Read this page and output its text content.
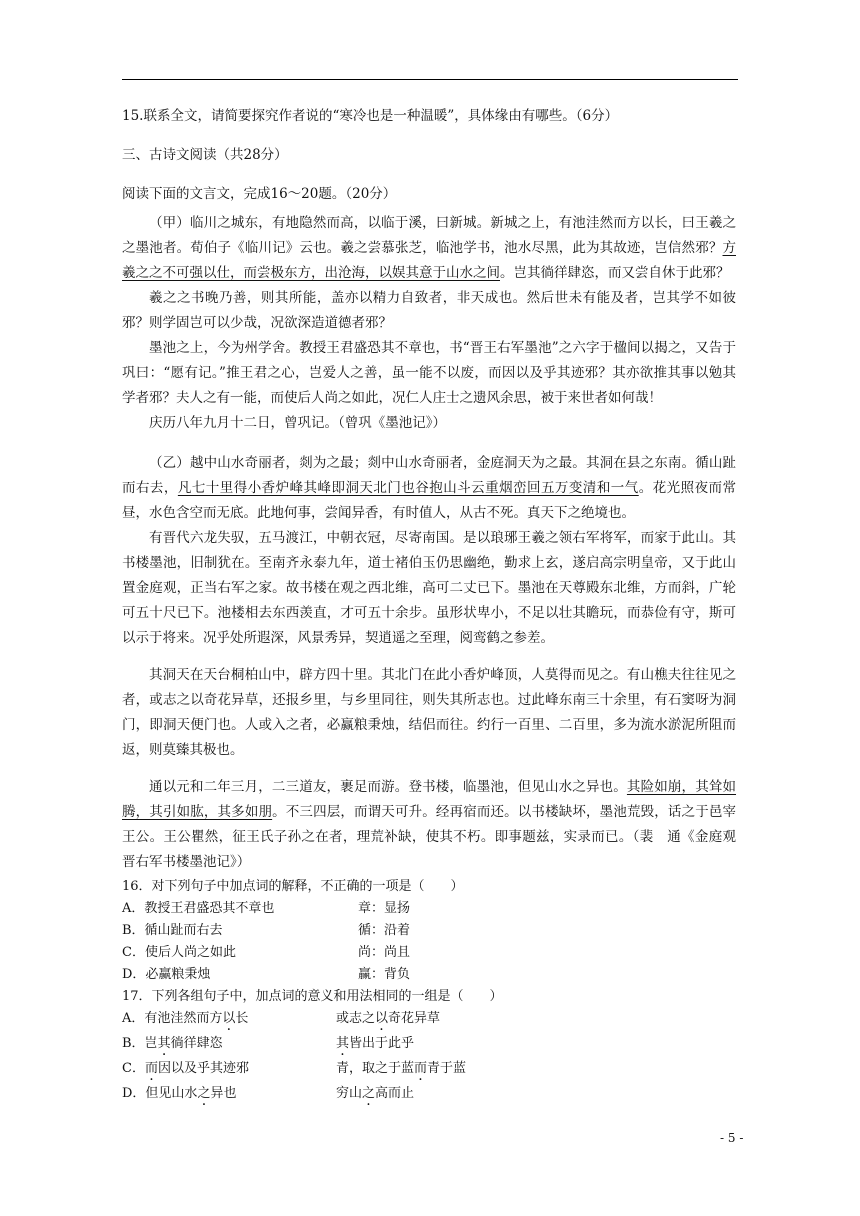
15.联系全文，请简要探究作者说的“寒冷也是一种温暖”，具体缘由有哪些。（6分）
三、古诗文阅读（共28分）
阅读下面的文言文，完成16～20题。（20分）

（甲）临川之城东，有地隐然而高，以临于溪，曰新城。新城之上，有池洼然而方以长，曰王羲之之墨池者。荀伯子《临川记》云也。羲之尝慕张芝，临池学书，池水尽黑，此为其故迹，岂信然邪？方羲之之不可强以仕，而尝极东方，出沧海，以娱其意于山水之间。岂其徜徉肆恣，而又尝自休于此邪？

羲之之书晚乃善，则其所能，盖亦以精力自致者，非天成也。然后世未有能及者，岂其学不如彼邪？则学固岂可以少哉，况欲深造道德者邪？

墨池之上，今为州学舍。教授王君盛恐其不章也，书“晋王右军墨池”之六字于楹间以揭之，又告于巩曰：“愿有记。”推王君之心，岂爱人之善，虽一能不以废，而因以及乎其迹邪？其亦欲推其事以勉其学者邪？夫人之有一能，而使后人尚之如此，况仁人庄士之遗风余思，被于来世者如何哉！

庆历八年九月十二日，曾巩记。（曾巩《墨池记》）

（乙）越中山水奇丽者，剡为之最；剡中山水奇丽者，金庭洞天为之最。其洞在县之东南。循山趾而右去，凡七十里得小香炉峰其峰即洞天北门也谷抱山斗云重烟峦回五万变清和一气。花光照夜而常昼，水色含空而无底。此地何事，尝闻异香，有时值人，从古不死。真天下之绝境也。

有晋代六龙失驭，五马渡江，中朝衣冠，尽寄南国。是以琅琊王羲之领右军将军，而家于此山。其书楼墨池，旧制犹在。至南齐永泰九年，道士褚伯玉仍思幽绝，勤求上玄，遂启高宗明皇帝，又于此山置金庭观，正当右军之家。故书楼在观之西北维，高可二丈已下。墨池在天尊殿东北维，方而斜，广轮可五十尺已下。池楼相去东西羡直，才可五十余步。虽形状卑小，不足以壮其瞻玩，而恭俭有守，斯可以示于将来。况乎处所遐深，风景秀异，契逍遥之至理，阅鸾鹤之参差。

其洞天在天台桐柏山中，辟方四十里。其北门在此小香炉峰顶，人莫得而见之。有山樵夫往往见之者，或志之以奇花异草，还报乡里，与乡里同往，则失其所志也。过此峰东南三十余里，有石窦呀为洞门，即洞天便门也。人或入之者，必赢粮秉烛，结侣而往。约行一百里、二百里，多为流水淤泥所阻而返，则莫臻其极也。

通以元和二年三月，二三道友，裹足而游。登书楼，临墨池，但见山水之异也。其险如崩，其耸如腾，其引如肱，其多如朋。不三四层，而谓天可升。经再宿而还。以书楼缺坏，墨池荒毁，话之于邑宰王公。王公瞿然，征王氏子孙之在者，理荒补缺，使其不朽。即事题兹，实录而已。（裴　通《金庭观晋右军书楼墨池记》）

16．对下列句子中加点词的解释，不正确的一项是（　　）
A．教授王君盛恐其不章也	章：显扬
B．循山趾而右去	循：沿着
C．使后人尚之如此	尚：尚且
D．必赢粮秉烛	赢：背负
17．下列各组句子中，加点词的意义和用法相同的一组是（　　）
A．有池洼然而方以长	或志之以奇花异草
B．岂其徜徉肆恣	其皆出于此乎
C．而因以及乎其迹邪	青，取之于蓝而青于蓝
D．但见山水之异也	穷山之高而止
- 5 -
